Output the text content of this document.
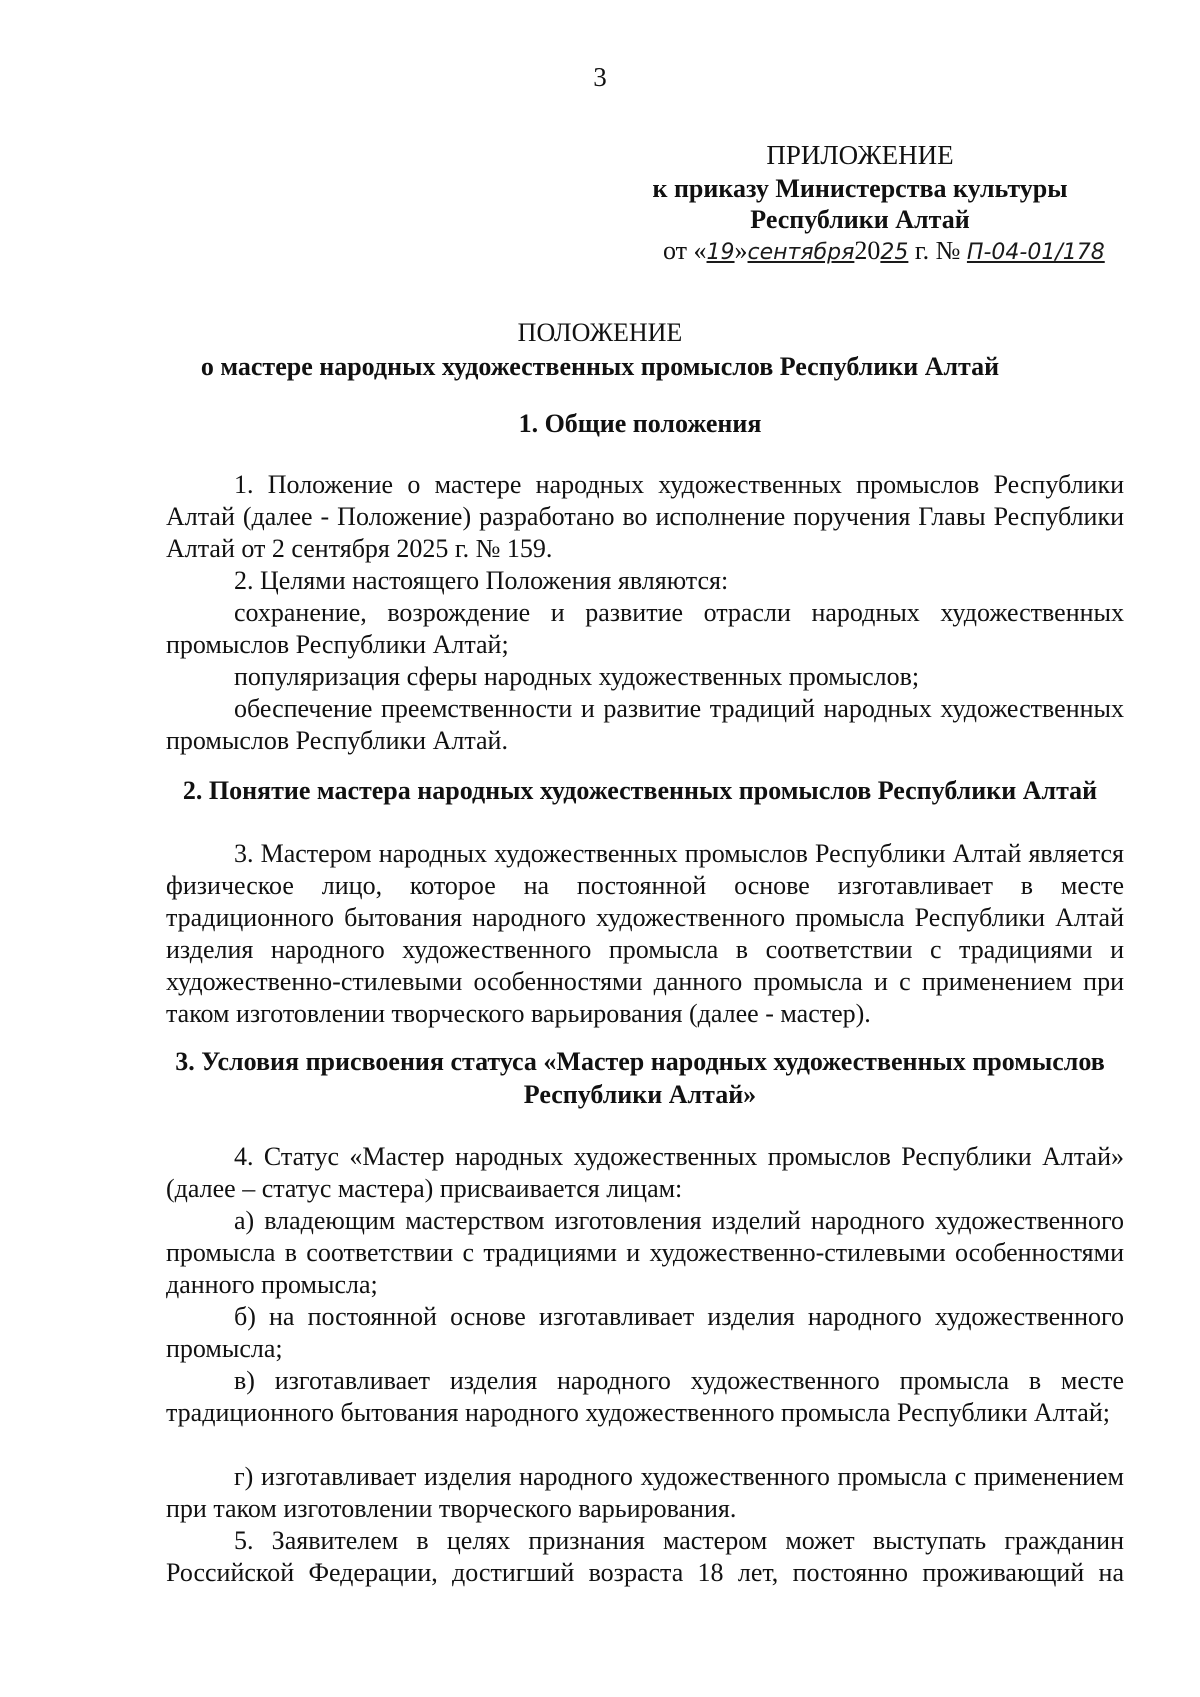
3
ПРИЛОЖЕНИЕ
к приказу Министерства культуры
Республики Алтай
от «19»сентября2025 г. № П-04-01/178
ПОЛОЖЕНИЕ
о мастере народных художественных промыслов Республики Алтай
1. Общие положения
1. Положение о мастере народных художественных промыслов Республики Алтай (далее - Положение) разработано во исполнение поручения Главы Республики Алтай от 2 сентября 2025 г. № 159.
2. Целями настоящего Положения являются:
сохранение, возрождение и развитие отрасли народных художественных промыслов Республики Алтай;
популяризация сферы народных художественных промыслов;
обеспечение преемственности и развитие традиций народных художественных промыслов Республики Алтай.
2. Понятие мастера народных художественных промыслов Республики Алтай
3. Мастером народных художественных промыслов Республики Алтай является физическое лицо, которое на постоянной основе изготавливает в месте традиционного бытования народного художественного промысла Республики Алтай изделия народного художественного промысла в соответствии с традициями и художественно-стилевыми особенностями данного промысла и с применением при таком изготовлении творческого варьирования (далее - мастер).
3. Условия присвоения статуса «Мастер народных художественных промыслов
Республики Алтай»
4. Статус «Мастер народных художественных промыслов Республики Алтай» (далее – статус мастера) присваивается лицам:
а) владеющим мастерством изготовления изделий народного художественного промысла в соответствии с традициями и художественно-стилевыми особенностями данного промысла;
б) на постоянной основе изготавливает изделия народного художественного промысла;
в) изготавливает изделия народного художественного промысла в месте традиционного бытования народного художественного промысла Республики Алтай;
г) изготавливает изделия народного художественного промысла с применением при таком изготовлении творческого варьирования.
5. Заявителем в целях признания мастером может выступать гражданин Российской Федерации, достигший возраста 18 лет, постоянно проживающий на
